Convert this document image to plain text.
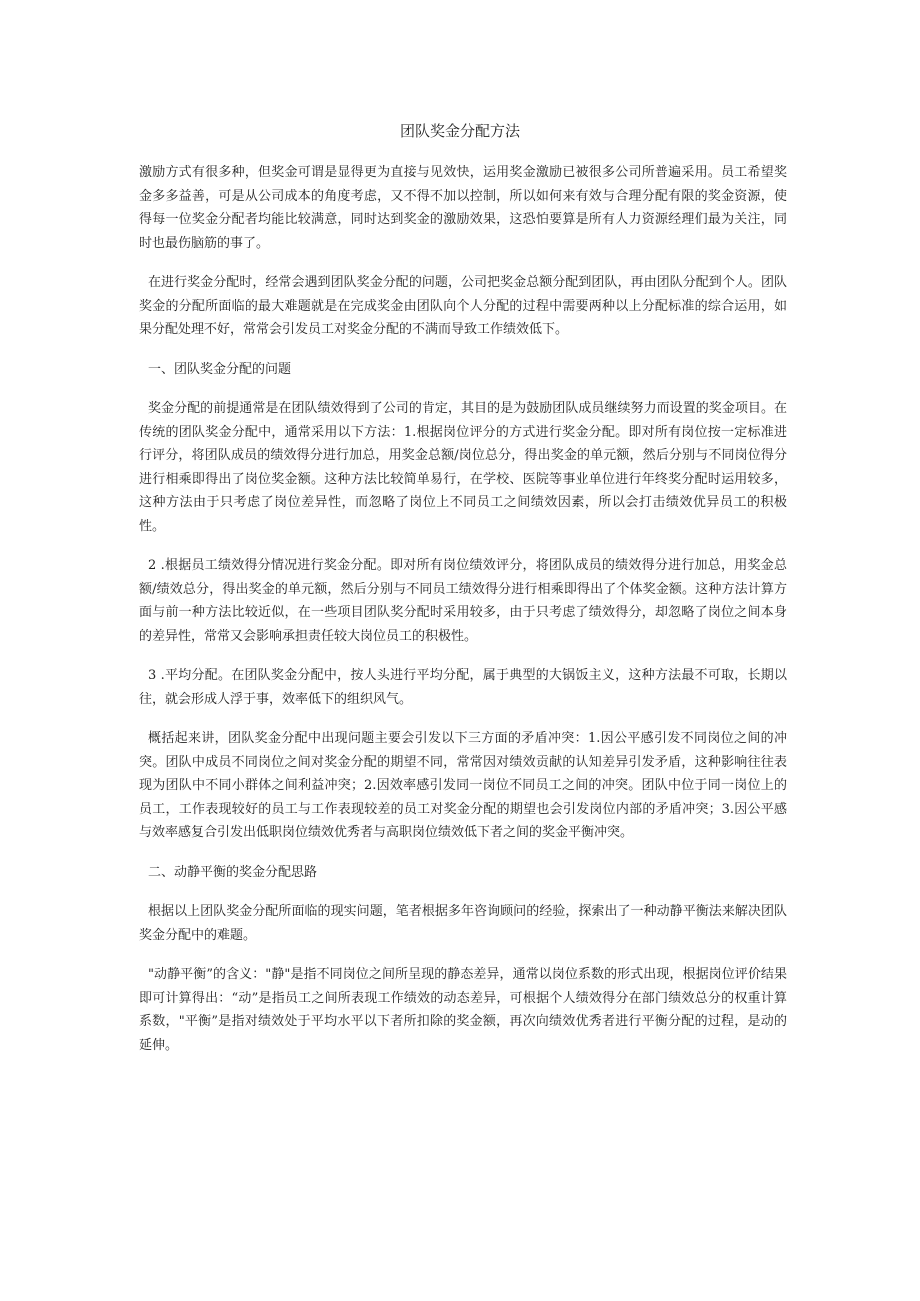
团队奖金分配方法

激励方式有很多种，但奖金可谓是显得更为直接与见效快，运用奖金激励已被很多公司所普遍采用。员工希望奖金多多益善，可是从公司成本的角度考虑，又不得不加以控制，所以如何来有效与合理分配有限的奖金资源，使得每一位奖金分配者均能比较满意，同时达到奖金的激励效果，这恐怕要算是所有人力资源经理们最为关注，同时也最伤脑筋的事了。

在进行奖金分配时，经常会遇到团队奖金分配的问题，公司把奖金总额分配到团队，再由团队分配到个人。团队奖金的分配所面临的最大难题就是在完成奖金由团队向个人分配的过程中需要两种以上分配标准的综合运用，如果分配处理不好，常常会引发员工对奖金分配的不满而导致工作绩效低下。

一、团队奖金分配的问题

奖金分配的前提通常是在团队绩效得到了公司的肯定，其目的是为鼓励团队成员继续努力而设置的奖金项目。在传统的团队奖金分配中，通常采用以下方法：1.根据岗位评分的方式进行奖金分配。即对所有岗位按一定标准进行评分，将团队成员的绩效得分进行加总，用奖金总额/岗位总分，得出奖金的单元额，然后分别与不同岗位得分进行相乘即得出了岗位奖金额。这种方法比较简单易行，在学校、医院等事业单位进行年终奖分配时运用较多，这种方法由于只考虑了岗位差异性，而忽略了岗位上不同员工之间绩效因素，所以会打击绩效优异员工的积极性。

2 .根据员工绩效得分情况进行奖金分配。即对所有岗位绩效评分，将团队成员的绩效得分进行加总，用奖金总额/绩效总分，得出奖金的单元额，然后分别与不同员工绩效得分进行相乘即得出了个体奖金额。这种方法计算方面与前一种方法比较近似，在一些项目团队奖分配时采用较多，由于只考虑了绩效得分，却忽略了岗位之间本身的差异性，常常又会影响承担责任较大岗位员工的积极性。

3 .平均分配。在团队奖金分配中，按人头进行平均分配，属于典型的大锅饭主义，这种方法最不可取，长期以往，就会形成人浮于事，效率低下的组织风气。

概括起来讲，团队奖金分配中出现问题主要会引发以下三方面的矛盾冲突：1.因公平感引发不同岗位之间的冲突。团队中成员不同岗位之间对奖金分配的期望不同，常常因对绩效贡献的认知差异引发矛盾，这种影响往往表现为团队中不同小群体之间利益冲突；2.因效率感引发同一岗位不同员工之间的冲突。团队中位于同一岗位上的员工，工作表现较好的员工与工作表现较差的员工对奖金分配的期望也会引发岗位内部的矛盾冲突；3.因公平感与效率感复合引发出低职岗位绩效优秀者与高职岗位绩效低下者之间的奖金平衡冲突。

二、动静平衡的奖金分配思路

根据以上团队奖金分配所面临的现实问题，笔者根据多年咨询顾问的经验，探索出了一种动静平衡法来解决团队奖金分配中的难题。

"动静平衡”的含义："静"是指不同岗位之间所呈现的静态差异，通常以岗位系数的形式出现，根据岗位评价结果即可计算得出：“动”是指员工之间所表现工作绩效的动态差异，可根据个人绩效得分在部门绩效总分的权重计算系数，"平衡”是指对绩效处于平均水平以下者所扣除的奖金额，再次向绩效优秀者进行平衡分配的过程，是动的延伸。
